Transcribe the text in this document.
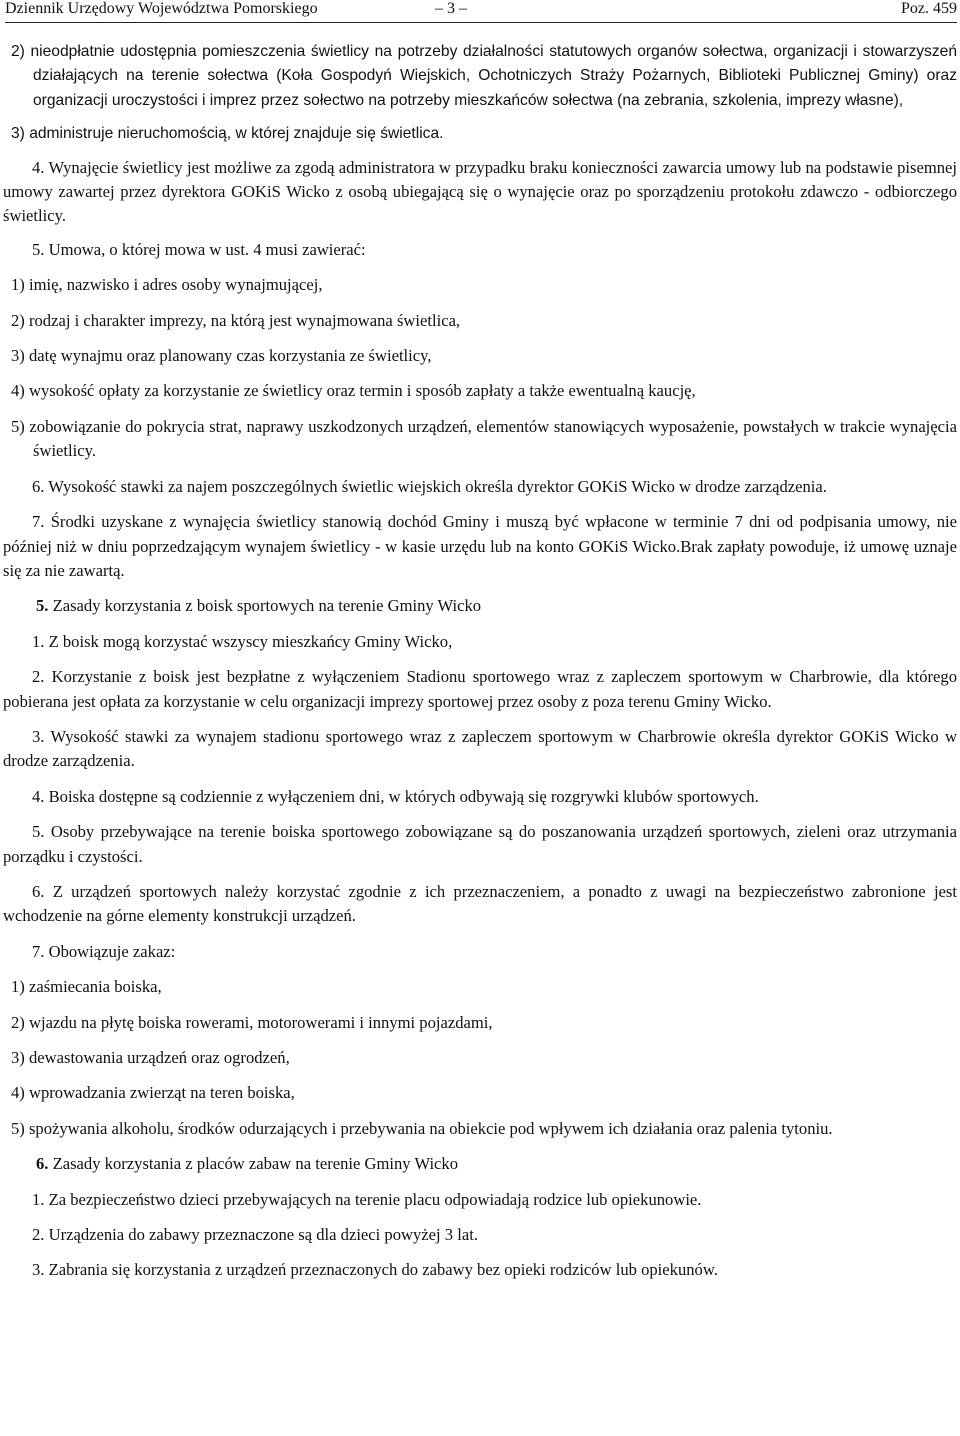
Dziennik Urzędowy Województwa Pomorskiego	– 3 –	Poz. 459

2) nieodpłatnie udostępnia pomieszczenia świetlicy na potrzeby działalności statutowych organów sołectwa, organizacji i stowarzyszeń działających na terenie sołectwa (Koła Gospodyń Wiejskich, Ochotniczych Straży Pożarnych, Biblioteki Publicznej Gminy) oraz organizacji uroczystości i imprez przez sołectwo na potrzeby mieszkańców sołectwa (na zebrania, szkolenia, imprezy własne),

3) administruje nieruchomością, w której znajduje się świetlica.

4. Wynajęcie świetlicy jest możliwe za zgodą administratora w przypadku braku konieczności zawarcia umowy lub na podstawie pisemnej umowy zawartej przez dyrektora GOKiS Wicko z osobą ubiegającą się o wynajęcie oraz po sporządzeniu protokołu zdawczo - odbiorczego świetlicy.

5. Umowa, o której mowa w ust. 4 musi zawierać:

1) imię, nazwisko i adres osoby wynajmującej,

2) rodzaj i charakter imprezy, na którą jest wynajmowana świetlica,

3) datę wynajmu oraz planowany czas korzystania ze świetlicy,

4) wysokość opłaty za korzystanie ze świetlicy oraz termin i sposób zapłaty a także ewentualną kaucję,

5) zobowiązanie do pokrycia strat, naprawy uszkodzonych urządzeń, elementów stanowiących wyposażenie, powstałych w trakcie wynajęcia świetlicy.

6. Wysokość stawki za najem poszczególnych świetlic wiejskich określa dyrektor GOKiS Wicko w drodze zarządzenia.

7. Środki uzyskane z wynajęcia świetlicy stanowią dochód Gminy i muszą być wpłacone w terminie 7 dni od podpisania umowy, nie później niż w dniu poprzedzającym wynajem świetlicy - w kasie urzędu lub na konto GOKiS Wicko.Brak zapłaty powoduje, iż umowę uznaje się za nie zawartą.

5. Zasady korzystania z boisk sportowych na terenie Gminy Wicko

1. Z boisk mogą korzystać wszyscy mieszkańcy Gminy Wicko,

2. Korzystanie z boisk jest bezpłatne z wyłączeniem Stadionu sportowego wraz z zapleczem sportowym w Charbrowie, dla którego pobierana jest opłata za korzystanie w celu organizacji imprezy sportowej przez osoby z poza terenu Gminy Wicko.

3. Wysokość stawki za wynajem stadionu sportowego wraz z zapleczem sportowym w Charbrowie określa dyrektor GOKiS Wicko w drodze zarządzenia.

4. Boiska dostępne są codziennie z wyłączeniem dni, w których odbywają się rozgrywki klubów sportowych.

5. Osoby przebywające na terenie boiska sportowego zobowiązane są do poszanowania urządzeń sportowych, zieleni oraz utrzymania porządku i czystości.

6. Z urządzeń sportowych należy korzystać zgodnie z ich przeznaczeniem, a ponadto z uwagi na bezpieczeństwo zabronione jest wchodzenie na górne elementy konstrukcji urządzeń.

7. Obowiązuje zakaz:

1) zaśmiecania boiska,

2) wjazdu na płytę boiska rowerami, motorowerami i innymi pojazdami,

3) dewastowania urządzeń oraz ogrodzeń,

4) wprowadzania zwierząt na teren boiska,

5) spożywania alkoholu, środków odurzających i przebywania na obiekcie pod wpływem ich działania oraz palenia tytoniu.

6. Zasady korzystania z placów zabaw na terenie Gminy Wicko

1. Za bezpieczeństwo dzieci przebywających na terenie placu odpowiadają rodzice lub opiekunowie.

2. Urządzenia do zabawy przeznaczone są dla dzieci powyżej 3 lat.

3. Zabrania się korzystania z urządzeń przeznaczonych do zabawy bez opieki rodziców lub opiekunów.
